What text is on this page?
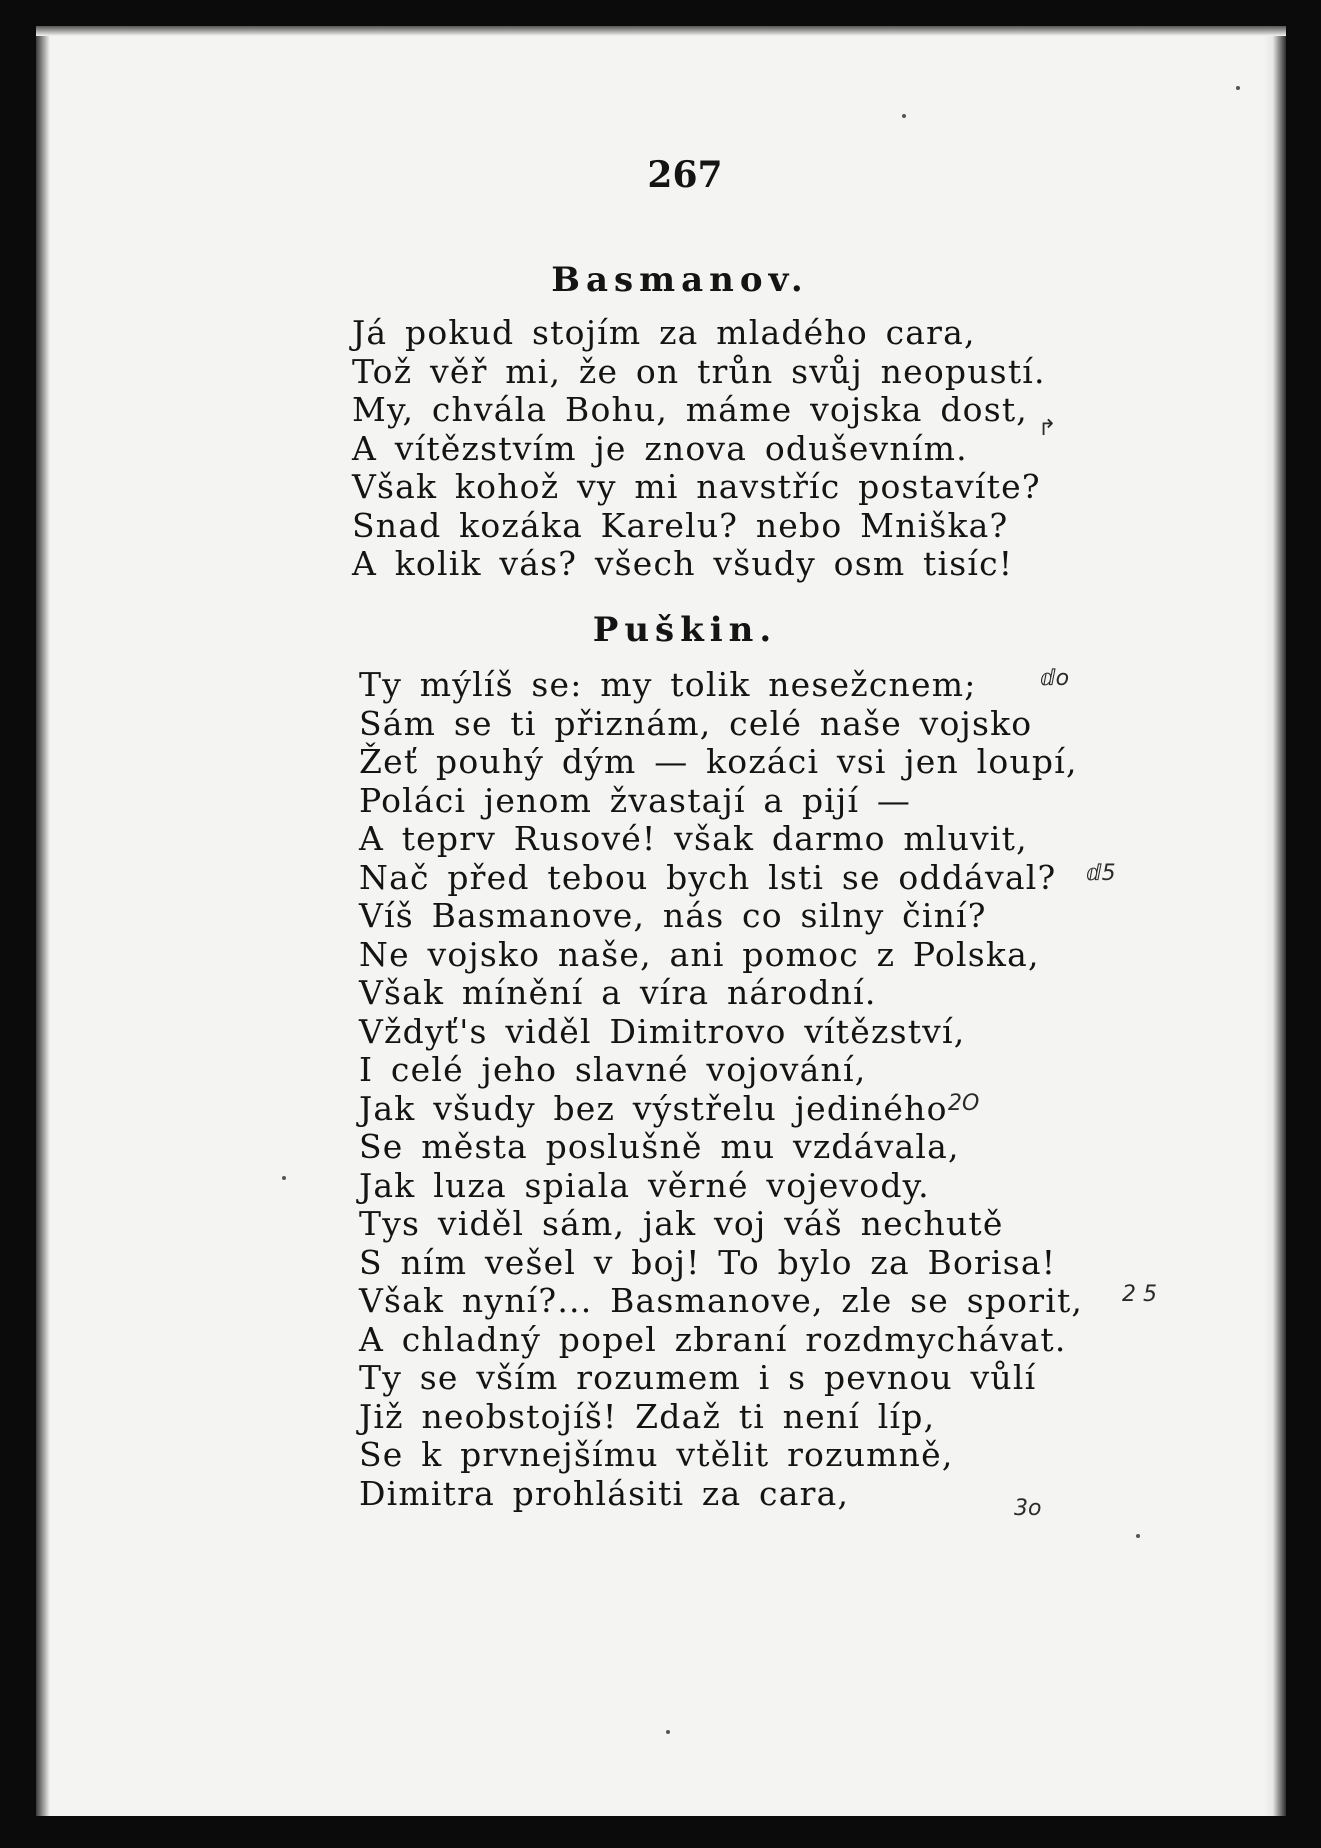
267
Basmanov.
Já pokud stojím za mladého cara,
Tož věř mi, že on trůn svůj neopustí.
My, chvála Bohu, máme vojska dost,
A vítězstvím je znova oduševním.
Však kohož vy mi navstříc postavíte?
Snad kozáka Karelu? nebo Mniška?
A kolik vás? všech všudy osm tisíc!
Puškin.
Ty mýlíš se: my tolik nesežcnem;
Sám se ti přiznám, celé naše vojsko
Žeť pouhý dým — kozáci vsi jen loupí,
Poláci jenom žvastají a pijí —
A teprv Rusové! však darmo mluvit,
Nač před tebou bych lsti se oddával?
Víš Basmanove, nás co silny činí?
Ne vojsko naše, ani pomoc z Polska,
Však mínění a víra národní.
Vždyť's viděl Dimitrovo vítězství,
I celé jeho slavné vojování,
Jak všudy bez výstřelu jediného
Se města poslušně mu vzdávala,
Jak luza spiala věrné vojevody.
Tys viděl sám, jak voj váš nechutě
S ním vešel v boj! To bylo za Borisa!
Však nyní?... Basmanove, zle se sporit,
A chladný popel zbraní rozdmychávat.
Ty se vším rozumem i s pevnou vůlí
Již neobstojíš! Zdaž ti není líp,
Se k prvnejšímu vtělit rozumně,
Dimitra prohlásiti za cara,
↱
ⅆo
ⅆ5
2O
2 5
3o
